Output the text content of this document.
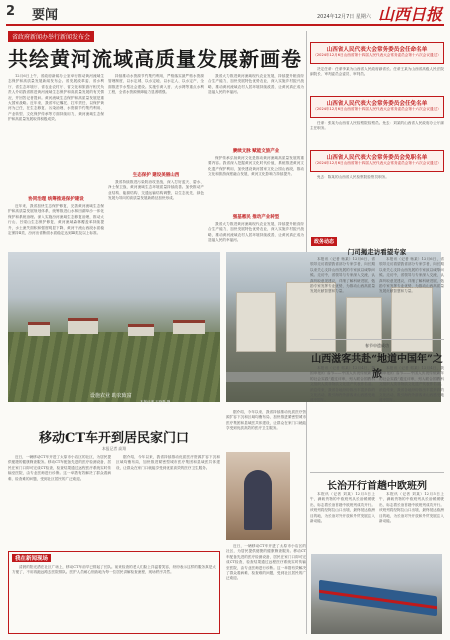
2 要闻	2024年12月7日 星期六 山西日报
省政府新闻办举行新闻发布会
共绘黄河流域高质量发展新画卷

12月6日上午，省政府新闻办公室举行推动黄河流域生态保护和高质量发展新闻发布会。省发展改革委、省水利厅、省生态环境厅、省农业农村厅、省文化和旅游厅相关负责人介绍我省推进黄河流域生态保护和高质量发展的有关情况，并回答记者提问。黄河流域生态保护和高质量发展是重大国家战略。近年来，我省牢记嘱托、扛牢责任，以保护黄河为己任，在生态修复、污染治理、水资源节约集约利用、产业转型、文化保护传承等方面持续用力，黄河流域生态保护和高质量发展取得积极成效。

协同治理 统筹推进保护建设

近年来，我省加快生态保护修复，完善黄河流域生态保护和高质量发展规划体系，统筹推进山水林田湖草沙一体化保护和系统治理。深入实施汾河流域生态修复治理，推动太行山、吕梁山生态保护修复，黄河流域森林覆盖率持续提升，水土流失面积和强度明显下降，黄河干流山西段水质稳定保持Ⅱ类，汾河出省断面水质稳定达到Ⅲ类及以上标准。

持续推动水资源节约集约利用，严格落实最严格水资源管理制度，以水定城、以水定地、以水定人、以水定产，全面推进节水型社会建设。实施引黄入晋、大水网等重点水利工程，全省水资源保障能力显著增强。

生态保护 建设美丽山西

我省持续推进污染防治攻坚战，深入打好蓝天、碧水、净土保卫战，黄河流域生态环境质量持续改善。加快推动产业结构、能源结构、交通运输结构调整，以生态优先、绿色发展为导向的高质量发展新路径加快形成。

我省大力推进黄河流域现代农业发展，持续提升粮食综合生产能力，加快发展特色优势农业，深入实施乡村振兴战略，推动黄河流域农村人居环境持续改善，让黄河真正成为造福人民的幸福河。

赓续文脉 赋能文旅产业

保护传承弘扬黄河文化是推动黄河流域高质量发展的重要内容。我省深入挖掘黄河文化时代价值，系统推进黄河文化遗产保护利用，加快建设黄河国家文化公园山西段，推动文化和旅游深度融合发展，黄河文化影响力持续提升。

强基惠民 推动产业转型

我省大力推进黄河流域现代农业发展，持续提升粮食综合生产能力，加快发展特色优势农业，深入实施乡村振兴战略，推动黄河流域农村人居环境持续改善，让黄河真正成为造福人民的幸福河。

设施农业 助农致富
本报记者 王晓磊 摄
移动CT车开到居民家门口
本报记者 高翔

近日，一辆移动CT车开进了太原市小店区的社区，为居民提供便捷的健康筛查服务。移动CT车配备先进的医疗检测设备，居民在家门口即可完成CT检查，检查结果通过远程医疗系统实时传输至医院，由专业医师进行诊断。这一举措有效解决了群众看病难、检查难的问题，受到社区居民的广泛欢迎。

据介绍，今年以来，我省持续推动优质医疗资源扩容下沉和区域均衡布局，加快推进紧密型城市医疗集团和县域医共体建设，让群众在家门口就能享受到优质高效的医疗卫生服务。

我在新闻现场

清晨的阳光洒在社区广场上，移动CT车前早已排起了长队。前来检查的老人们脸上洋溢着笑容，纷纷表示这样的服务真是太方便了，不用再跑远路去医院排队。医护人员耐心细致地为每一位居民讲解检查流程，现场秩序井然。

据介绍，今年以来，我省持续推动优质医疗资源扩容下沉和区域均衡布局，加快推进紧密型城市医疗集团和县域医共体建设，让群众在家门口就能享受到优质高效的医疗卫生服务。

近日，一辆移动CT车开进了太原市小店区的社区，为居民提供便捷的健康筛查服务。移动CT车配备先进的医疗检测设备，居民在家门口即可完成CT检查，检查结果通过远程医疗系统实时传输至医院，由专业医师进行诊断。这一举措有效解决了群众看病难、检查难的问题，受到社区居民的广泛欢迎。

山西省人民代表大会常务委员会任命名单
（2024年12月6日山西省第十四届人民代表大会常务委员会第十六次会议通过）

决定任命：任命李某为山西省人民政府副省长。任命王某为山西省高级人民法院副院长、审判委员会委员、审判员。

山西省人民代表大会常务委员会任免名单
（2024年12月6日山西省第十四届人民代表大会常务委员会第十六次会议通过）

任命：张某为山西省人民检察院检察员。免去：刘某的山西省人民政府办公厅副主任职务。

山西省人民代表大会常务委员会免职名单
（2024年12月6日山西省第十四届人民代表大会常务委员会第十六次会议通过）

免去：陈某的山西省人民检察院检察员职务。

政务动态
门司揭走访看望专家

本报讯（记者 杨某）12月6日，省领导走访看望我省部分专家学者，向长期以来关心支持山西发展的专家致以诚挚问候。走访中，省领导与专家深入交流，认真听取意见建议，详细了解科研进展，勉励专家发挥专业优势，为推动山西高质量发展贡献智慧和力量。

本报讯（记者 杨某）12月6日，省领导走访看望我省部分专家学者，向长期以来关心支持山西发展的专家致以诚挚问候。走访中，省领导与专家深入交流，认真听取意见建议，详细了解科研进展，勉励专家发挥专业优势，为推动山西高质量发展贡献智慧和力量。

春节申遗成功
山西滋客共赴“地道中国年”之旅

本报讯（记者 郭某）12月4日，我国申报的“春节——中国人庆祝传统新年的社会实践”通过评审，列入联合国教科文组织人类非物质文化遗产代表作名录。消息传来，我省各地纷纷推出丰富多彩的文化活动，吸引海内外游客来山西感受地道中国年。

本报讯（记者 郭某）12月4日，我国申报的“春节——中国人庆祝传统新年的社会实践”通过评审，列入联合国教科文组织人类非物质文化遗产代表作名录。消息传来，我省各地纷纷推出丰富多彩的文化活动，吸引海内外游客来山西感受地道中国年。

长治开行首趟中欧班列

本报讯（记者 刘某）12月5日上午，满载货物的中欧班列从长治缓缓驶出，标志着长治首趟中欧班列成功开行。该班列将经阿拉山口出境，最终抵达欧洲目的地，为长治对外开放和外贸发展注入新动能。

本报讯（记者 刘某）12月5日上午，满载货物的中欧班列从长治缓缓驶出，标志着长治首趟中欧班列成功开行。该班列将经阿拉山口出境，最终抵达欧洲目的地，为长治对外开放和外贸发展注入新动能。
